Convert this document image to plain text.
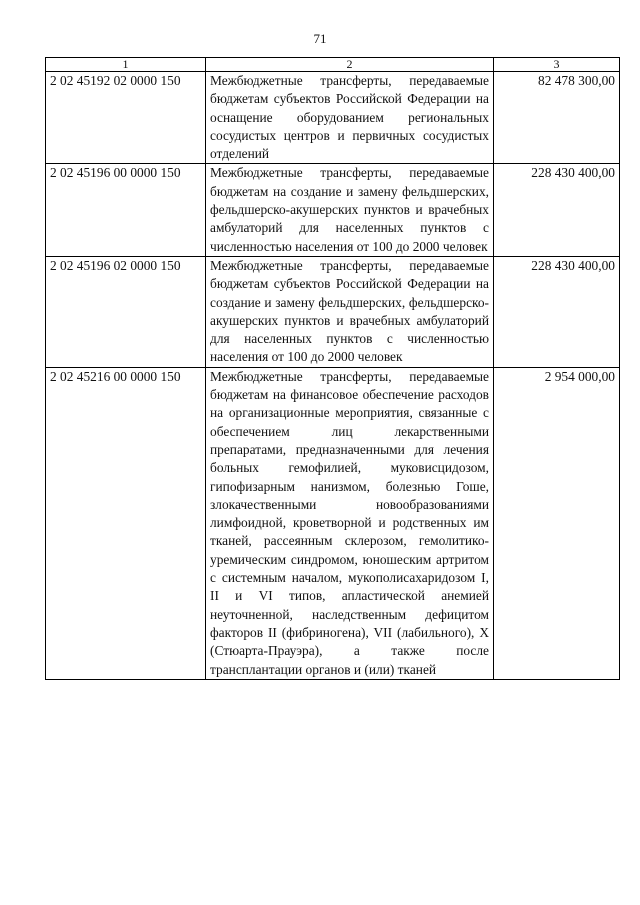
71
1	2	3
2 02 45192 02 0000 150	Межбюджетные трансферты, передаваемые бюджетам субъектов Российской Федерации на оснащение оборудованием региональных сосудистых центров и первичных сосудистых отделений	82 478 300,00
2 02 45196 00 0000 150	Межбюджетные трансферты, передаваемые бюджетам на создание и замену фельдшерских, фельдшерско-акушерских пунктов и врачебных амбулаторий для населенных пунктов с численностью населения от 100 до 2000 человек	228 430 400,00
2 02 45196 02 0000 150	Межбюджетные трансферты, передаваемые бюджетам субъектов Российской Федерации на создание и замену фельдшерских, фельдшерско-акушерских пунктов и врачебных амбулаторий для населенных пунктов с численностью населения от 100 до 2000 человек	228 430 400,00
2 02 45216 00 0000 150	Межбюджетные трансферты, передаваемые бюджетам на финансовое обеспечение расходов на организационные мероприятия, связанные с обеспечением лиц лекарственными препаратами, предназначенными для лечения больных гемофилией, муковисцидозом, гипофизарным нанизмом, болезнью Гоше, злокачественными новообразованиями лимфоидной, кроветворной и родственных им тканей, рассеянным склерозом, гемолитико-уремическим синдромом, юношеским артритом с системным началом, мукополисахаридозом I, II и VI типов, апластической анемией неуточненной, наследственным дефицитом факторов II (фибриногена), VII (лабильного), X (Стюарта-Прауэра), а также после трансплантации органов и (или) тканей	2 954 000,00
